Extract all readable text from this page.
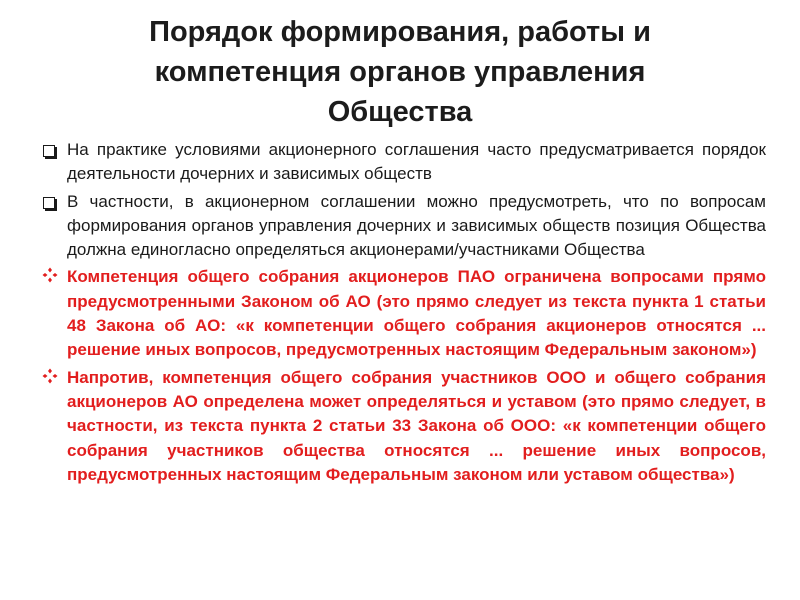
Порядок формирования, работы и
компетенция органов управления
Общества
На практике условиями акционерного соглашения часто предусматривается порядок деятельности дочерних и зависимых обществ
В частности, в акционерном соглашении можно предусмотреть, что по вопросам формирования органов управления дочерних и зависимых обществ позиция Общества должна единогласно определяться акционерами/участниками Общества
Компетенция общего собрания акционеров ПАО ограничена вопросами прямо предусмотренными Законом об АО (это прямо следует из текста пункта 1 статьи 48 Закона об АО: «к компетенции общего собрания акционеров относятся ... решение иных вопросов, предусмотренных настоящим Федеральным законом»)
Напротив, компетенция общего собрания участников ООО и общего собрания акционеров АО определена может определяться и уставом (это прямо следует, в частности, из текста пункта 2 статьи 33 Закона об ООО: «к компетенции общего собрания участников общества относятся ... решение иных вопросов, предусмотренных настоящим Федеральным законом или уставом общества»)
